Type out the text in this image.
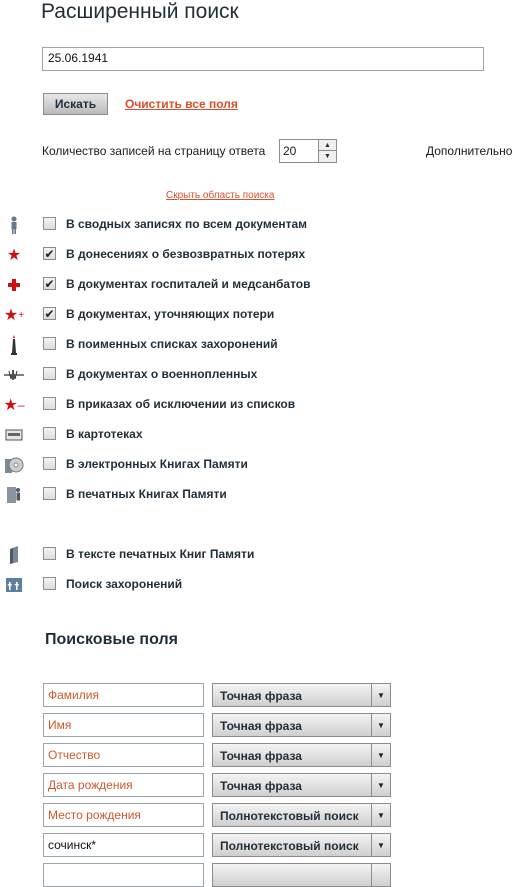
Расширенный поиск
25.06.1941
Искать	Очистить все поля
Количество записей на страницу ответа	20	▲
▼	Дополнительно
Скрыть область поиска
В сводных записях по всем документам
★	✔ В донесениях о безвозвратных потерях
✔ В документах госпиталей и медсанбатов
★ + ✔ В документах, уточняющих потери
В поименных списках захоронений
В документах о военнопленных
★ –	В приказах об исключении из списков
В картотеках
В электронных Книгах Памяти
В печатных Книгах Памяти
В тексте печатных Книг Памяти
Поиск захоронений
Поисковые поля
Фамилия	Точная фраза	▼
Имя	Точная фраза	▼
Отчество	Точная фраза	▼
Дата рождения	Точная фраза	▼
Место рождения	Полнотекстовый поиск	▼
сочинск*	Полнотекстовый поиск	▼
